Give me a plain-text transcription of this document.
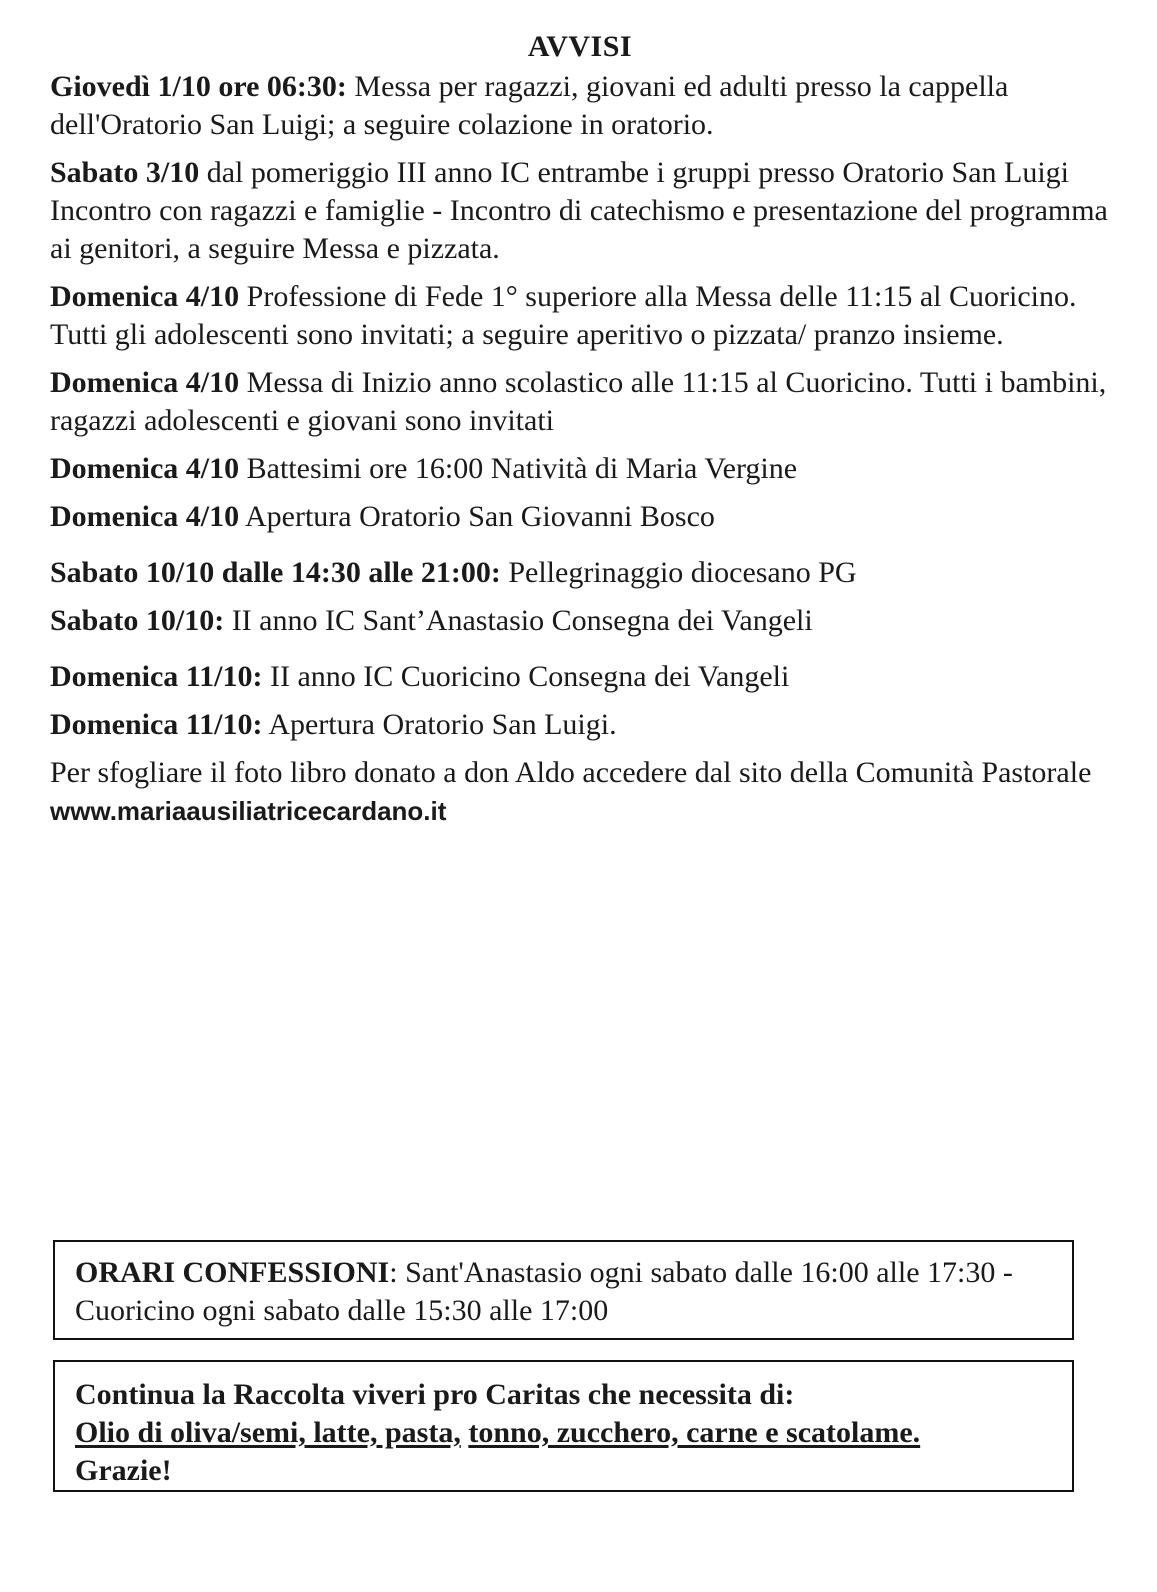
AVVISI

Giovedì 1/10 ore 06:30: Messa per ragazzi, giovani ed adulti presso la cappella dell'Oratorio San Luigi; a seguire colazione in oratorio.

Sabato 3/10 dal pomeriggio III anno IC entrambe i gruppi presso Oratorio San Luigi Incontro con ragazzi e famiglie - Incontro di catechismo e presentazione del programma ai genitori, a seguire Messa e pizzata.

Domenica 4/10 Professione di Fede 1° superiore alla Messa delle 11:15 al Cuoricino. Tutti gli adolescenti sono invitati; a seguire aperitivo o pizzata/ pranzo insieme.

Domenica 4/10 Messa di Inizio anno scolastico alle 11:15 al Cuoricino. Tutti i bambini, ragazzi adolescenti e giovani sono invitati

Domenica 4/10 Battesimi ore 16:00 Natività di Maria Vergine

Domenica 4/10 Apertura Oratorio San Giovanni Bosco

Sabato 10/10 dalle 14:30 alle 21:00: Pellegrinaggio diocesano PG

Sabato 10/10: II anno IC Sant’Anastasio Consegna dei Vangeli

Domenica 11/10: II anno IC Cuoricino Consegna dei Vangeli

Domenica 11/10: Apertura Oratorio San Luigi.

Per sfogliare il foto libro donato a don Aldo accedere dal sito della Comunità Pastorale www.mariaausiliatricecardano.it

ORARI CONFESSIONI: Sant'Anastasio ogni sabato dalle 16:00 alle 17:30 - Cuoricino ogni sabato dalle 15:30 alle 17:00
Continua la Raccolta viveri pro Caritas che necessita di:
Olio di oliva/semi, latte, pasta, tonno, zucchero, carne e scatolame.
Grazie!
